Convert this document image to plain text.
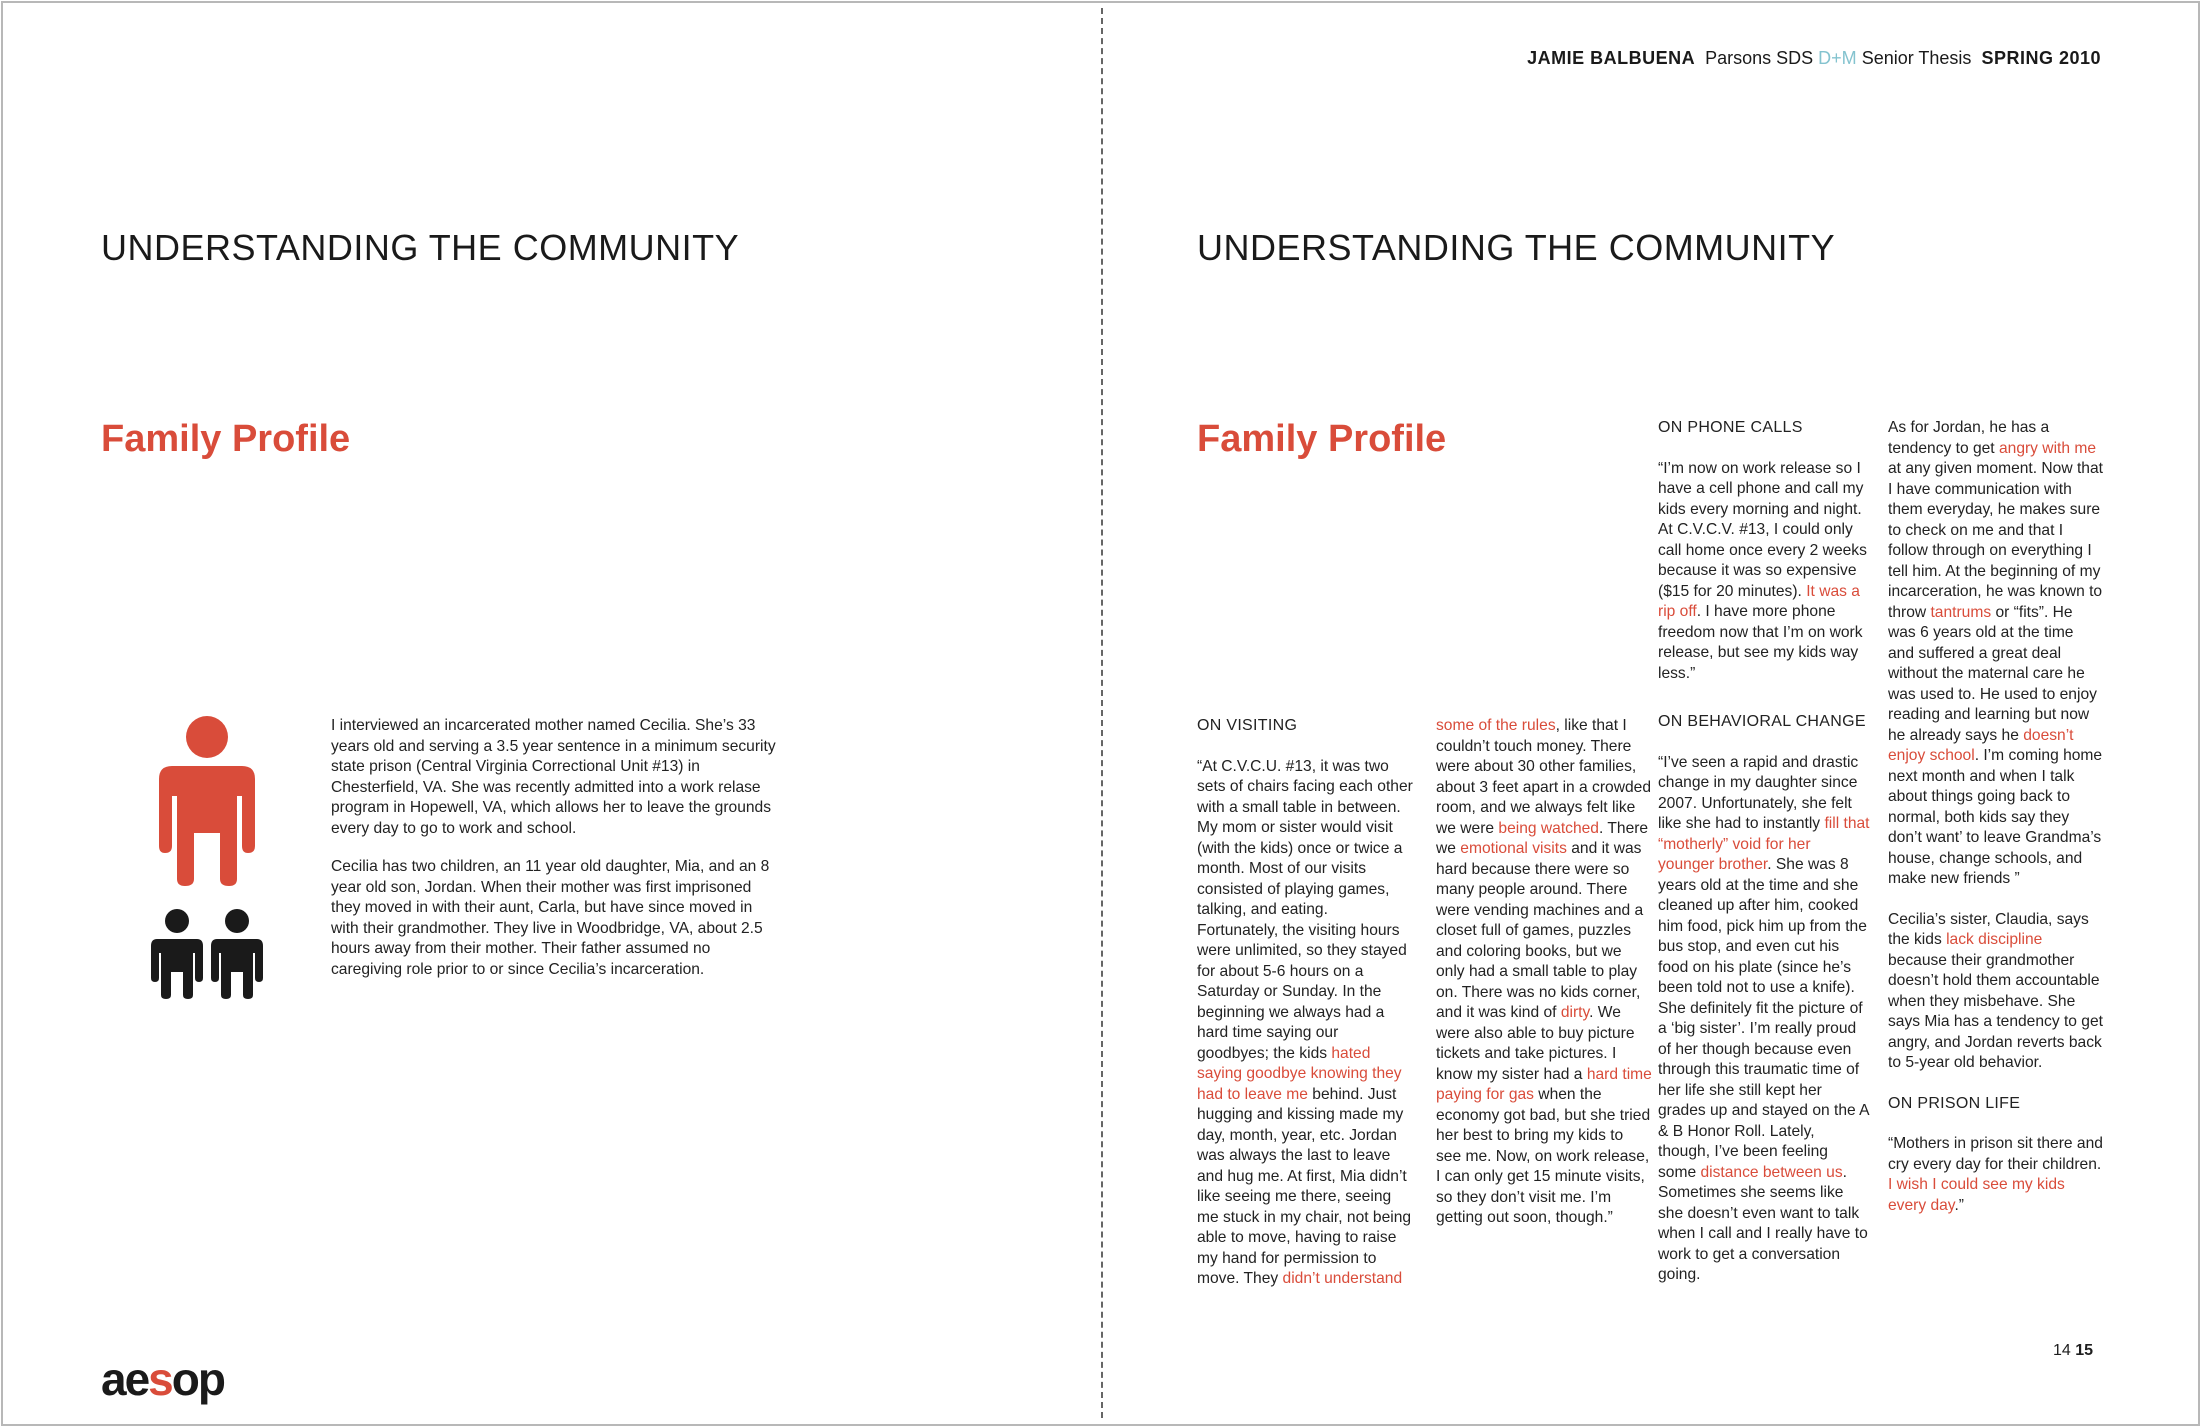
JAMIE BALBUENA Parsons SDS D+M Senior Thesis SPRING 2010
UNDERSTANDING THE COMMUNITY
Family Profile

I interviewed an incarcerated mother named Cecilia. She’s 33 years old and serving a 3.5 year sentence in a minimum security state prison (Central Virginia Correctional Unit #13) in Chesterfield, VA. She was recently admitted into a work relase program in Hopewell, VA, which allows her to leave the grounds every day to go to work and school.

Cecilia has two children, an 11 year old daughter, Mia, and an 8 year old son, Jordan. When their mother was first imprisoned they moved in with their aunt, Carla, but have since moved in with their grandmother. They live in Woodbridge, VA, about 2.5 hours away from their mother. Their father assumed no caregiving role prior to or since Cecilia’s incarceration.

aesop
UNDERSTANDING THE COMMUNITY
Family Profile

ON VISITING

“At C.V.C.U. #13, it was two sets of chairs facing each other with a small table in between. My mom or sister would visit (with the kids) once or twice a month. Most of our visits consisted of playing games, talking, and eating. Fortunately, the visiting hours were unlimited, so they stayed for about 5-6 hours on a Saturday or Sunday. In the beginning we always had a hard time saying our goodbyes; the kids hated saying goodbye knowing they had to leave me behind. Just hugging and kissing made my day, month, year, etc. Jordan was always the last to leave and hug me. At first, Mia didn’t like seeing me there, seeing me stuck in my chair, not being able to move, having to raise my hand for permission to move. They didn’t understand some of the rules, like that I couldn’t touch money. There were about 30 other families, about 3 feet apart in a crowded room, and we always felt like we were being watched. There we emotional visits and it was hard because there were so many people around. There were vending machines and a closet full of games, puzzles and coloring books, but we only had a small table to play on. There was no kids corner, and it was kind of dirty. We were also able to buy picture tickets and take pictures. I know my sister had a hard time paying for gas when the economy got bad, but she tried her best to bring my kids to see me. Now, on work release, I can only get 15 minute visits, so they don’t visit me. I’m getting out soon, though.”

ON PHONE CALLS

“I’m now on work release so I have a cell phone and call my kids every morning and night. At C.V.C.V. #13, I could only call home once every 2 weeks because it was so expensive ($15 for 20 minutes). It was a rip off. I have more phone freedom now that I’m on work release, but see my kids way less.”

ON BEHAVIORAL CHANGE

“I’ve seen a rapid and drastic change in my daughter since 2007. Unfortunately, she felt like she had to instantly fill that “motherly” void for her younger brother. She was 8 years old at the time and she cleaned up after him, cooked him food, pick him up from the bus stop, and even cut his food on his plate (since he’s been told not to use a knife). She definitely fit the picture of a ‘big sister’. I’m really proud of her though because even through this traumatic time of her life she still kept her grades up and stayed on the A & B Honor Roll. Lately, though, I’ve been feeling some distance between us. Sometimes she seems like she doesn’t even want to talk when I call and I really have to work to get a conversation going.

As for Jordan, he has a tendency to get angry with me at any given moment. Now that I have communication with them everyday, he makes sure to check on me and that I follow through on everything I tell him. At the beginning of my incarceration, he was known to throw tantrums or “fits”. He was 6 years old at the time and suffered a great deal without the maternal care he was used to. He used to enjoy reading and learning but now he already says he doesn’t enjoy school. I’m coming home next month and when I talk about things going back to normal, both kids say they don’t want’ to leave Grandma’s house, change schools, and make new friends ”

Cecilia’s sister, Claudia, says the kids lack discipline because their grandmother doesn’t hold them accountable when they misbehave. She says Mia has a tendency to get angry, and Jordan reverts back to 5-year old behavior.

ON PRISON LIFE

“Mothers in prison sit there and cry every day for their children. I wish I could see my kids every day.”

14 15
